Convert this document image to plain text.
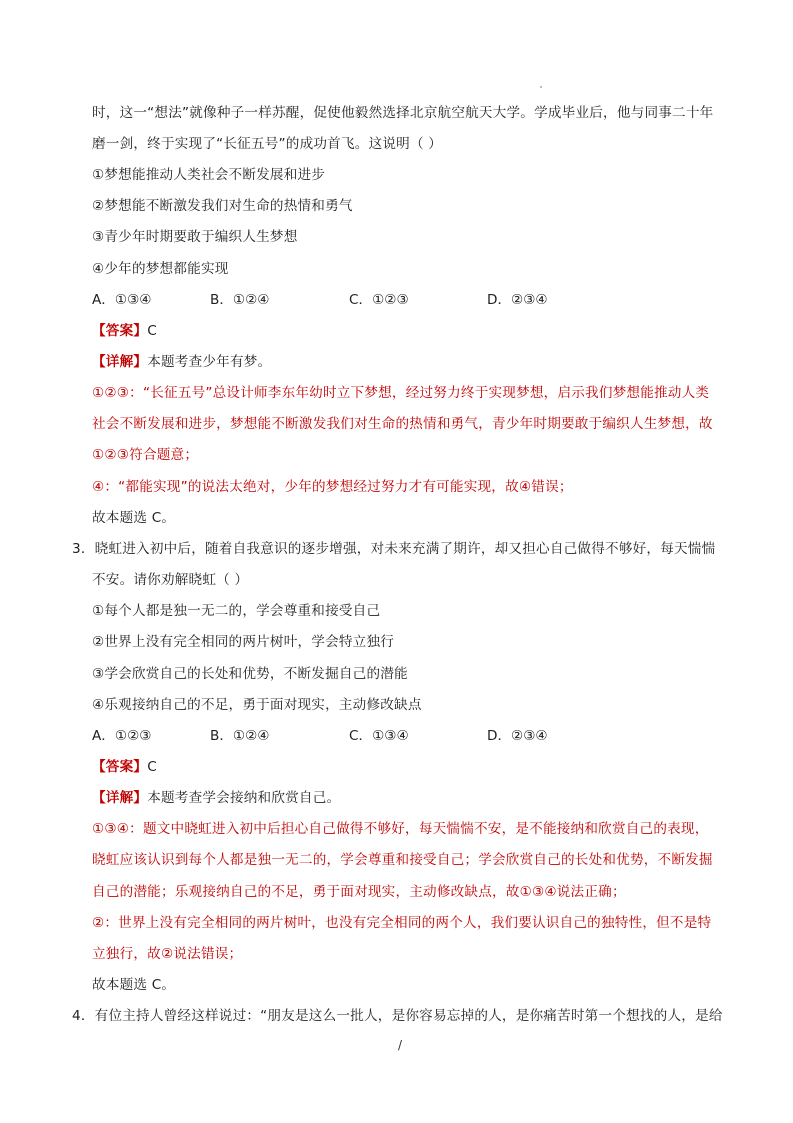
时，这一“想法”就像种子一样苏醒，促使他毅然选择北京航空航天大学。学成毕业后，他与同事二十年
磨一剑，终于实现了“长征五号”的成功首飞。这说明（ ）
①梦想能推动人类社会不断发展和进步
②梦想能不断激发我们对生命的热情和勇气
③青少年时期要敢于编织人生梦想
④少年的梦想都能实现
A．①③④	B．①②④	C．①②③	D．②③④
【答案】C
【详解】本题考查少年有梦。
①②③：“长征五号”总设计师李东年幼时立下梦想，经过努力终于实现梦想，启示我们梦想能推动人类
社会不断发展和进步，梦想能不断激发我们对生命的热情和勇气，青少年时期要敢于编织人生梦想，故
①②③符合题意；
④：“都能实现”的说法太绝对，少年的梦想经过努力才有可能实现，故④错误；
故本题选 C。
3．晓虹进入初中后，随着自我意识的逐步增强，对未来充满了期许，却又担心自己做得不够好，每天惴惴
不安。请你劝解晓虹（ ）
①每个人都是独一无二的，学会尊重和接受自己
②世界上没有完全相同的两片树叶，学会特立独行
③学会欣赏自己的长处和优势，不断发掘自己的潜能
④乐观接纳自己的不足，勇于面对现实，主动修改缺点
A．①②③	B．①②④	C．①③④	D．②③④
【答案】C
【详解】本题考查学会接纳和欣赏自己。
①③④：题文中晓虹进入初中后担心自己做得不够好，每天惴惴不安，是不能接纳和欣赏自己的表现，
晓虹应该认识到每个人都是独一无二的，学会尊重和接受自己；学会欣赏自己的长处和优势，不断发掘
自己的潜能；乐观接纳自己的不足，勇于面对现实，主动修改缺点，故①③④说法正确；
②：世界上没有完全相同的两片树叶，也没有完全相同的两个人，我们要认识自己的独特性，但不是特
立独行，故②说法错误；
故本题选 C。
4．有位主持人曾经这样说过：“朋友是这么一批人，是你容易忘掉的人，是你痛苦时第一个想找的人，是给
/
